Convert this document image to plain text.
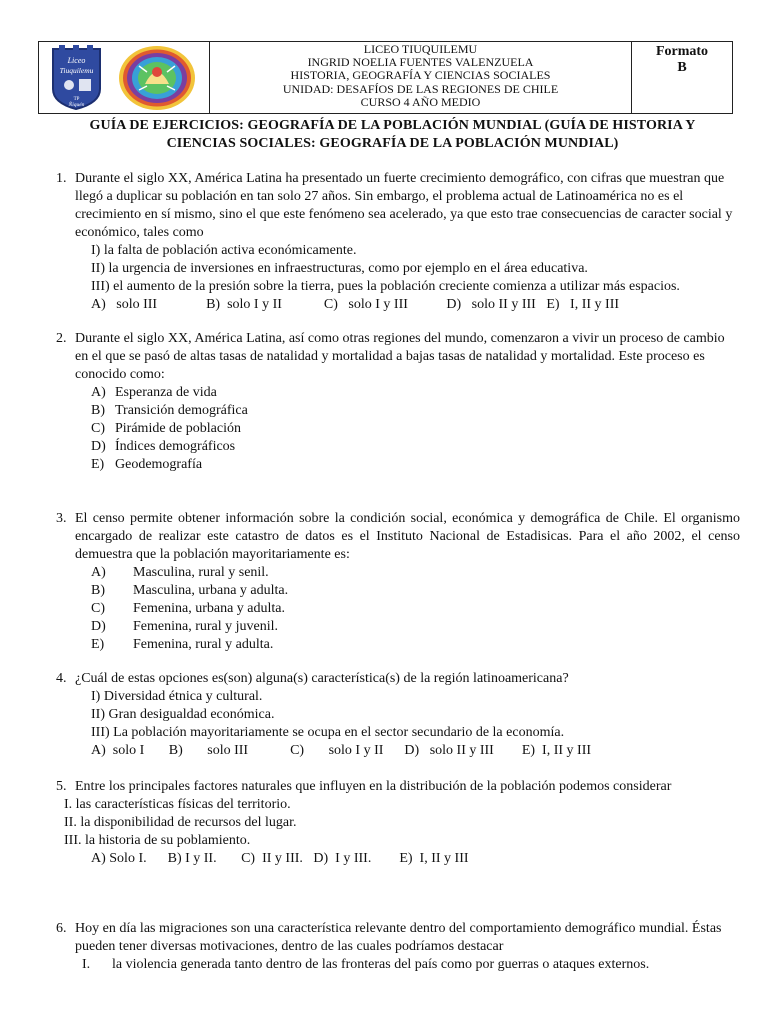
Liceo
Tiuquilemu
TP
Ñiquén
LICEO TIUQUILEMU
INGRID NOELIA FUENTES VALENZUELA
HISTORIA, GEOGRAFÍA Y CIENCIAS SOCIALES
UNIDAD: DESAFÍOS DE LAS REGIONES DE CHILE
CURSO 4 AÑO MEDIO
Formato
B
GUÍA DE EJERCICIOS: GEOGRAFÍA DE LA POBLACIÓN MUNDIAL (GUÍA DE HISTORIA Y
CIENCIAS SOCIALES: GEOGRAFÍA DE LA POBLACIÓN MUNDIAL)
1. Durante el siglo XX, América Latina ha presentado un fuerte crecimiento demográfico, con cifras que muestran que llegó a duplicar su población en tan solo 27 años. Sin embargo, el problema actual de Latinoamérica no es el crecimiento en sí mismo, sino el que este fenómeno sea acelerado, ya que esto trae consecuencias de caracter social y económico, tales como
I) la falta de población activa económicamente.
II) la urgencia de inversiones en infraestructuras, como por ejemplo en el área educativa.
III) el aumento de la presión sobre la tierra, pues la población creciente comienza a utilizar más espacios.
A)   solo III              B)  solo I y II            C)   solo I y III           D)   solo II y III   E)   I, II y III
2. Durante el siglo XX, América Latina, así como otras regiones del mundo, comenzaron a vivir un proceso de cambio en el que se pasó de altas tasas de natalidad y mortalidad a bajas tasas de natalidad y mortalidad. Este proceso es conocido como:
A) Esperanza de vida
B) Transición demográfica
C) Pirámide de población
D) Índices demográficos
E) Geodemografía
3. El censo permite obtener información sobre la condición social, económica y demográfica de Chile. El organismo encargado de realizar este catastro de datos es el Instituto Nacional de Estadisicas. Para el año 2002, el censo demuestra que la población mayoritariamente es:
A)	Masculina, rural y senil.
B)	Masculina, urbana y adulta.
C)	Femenina, urbana y adulta.
D)	Femenina, rural y juvenil.
E)	Femenina, rural y adulta.
4. ¿Cuál de estas opciones es(son) alguna(s) característica(s) de la región latinoamericana?
I) Diversidad étnica y cultural.
II) Gran desigualdad económica.
III) La población mayoritariamente se ocupa en el sector secundario de la economía.
A)  solo I       B)       solo III            C)       solo I y II      D)   solo II y III        E)  I, II y III
5. Entre los principales factores naturales que influyen en la distribución de la población podemos considerar
I. las características físicas del territorio.
II. la disponibilidad de recursos del lugar.
III. la historia de su poblamiento.
A) Solo I.      B) I y II.       C)  II y III.   D)  I y III.        E)  I, II y III
6. Hoy en día las migraciones son una característica relevante dentro del comportamiento demográfico mundial. Éstas pueden tener diversas motivaciones, dentro de las cuales podríamos destacar
I.	la violencia generada tanto dentro de las fronteras del país como por guerras o ataques externos.
